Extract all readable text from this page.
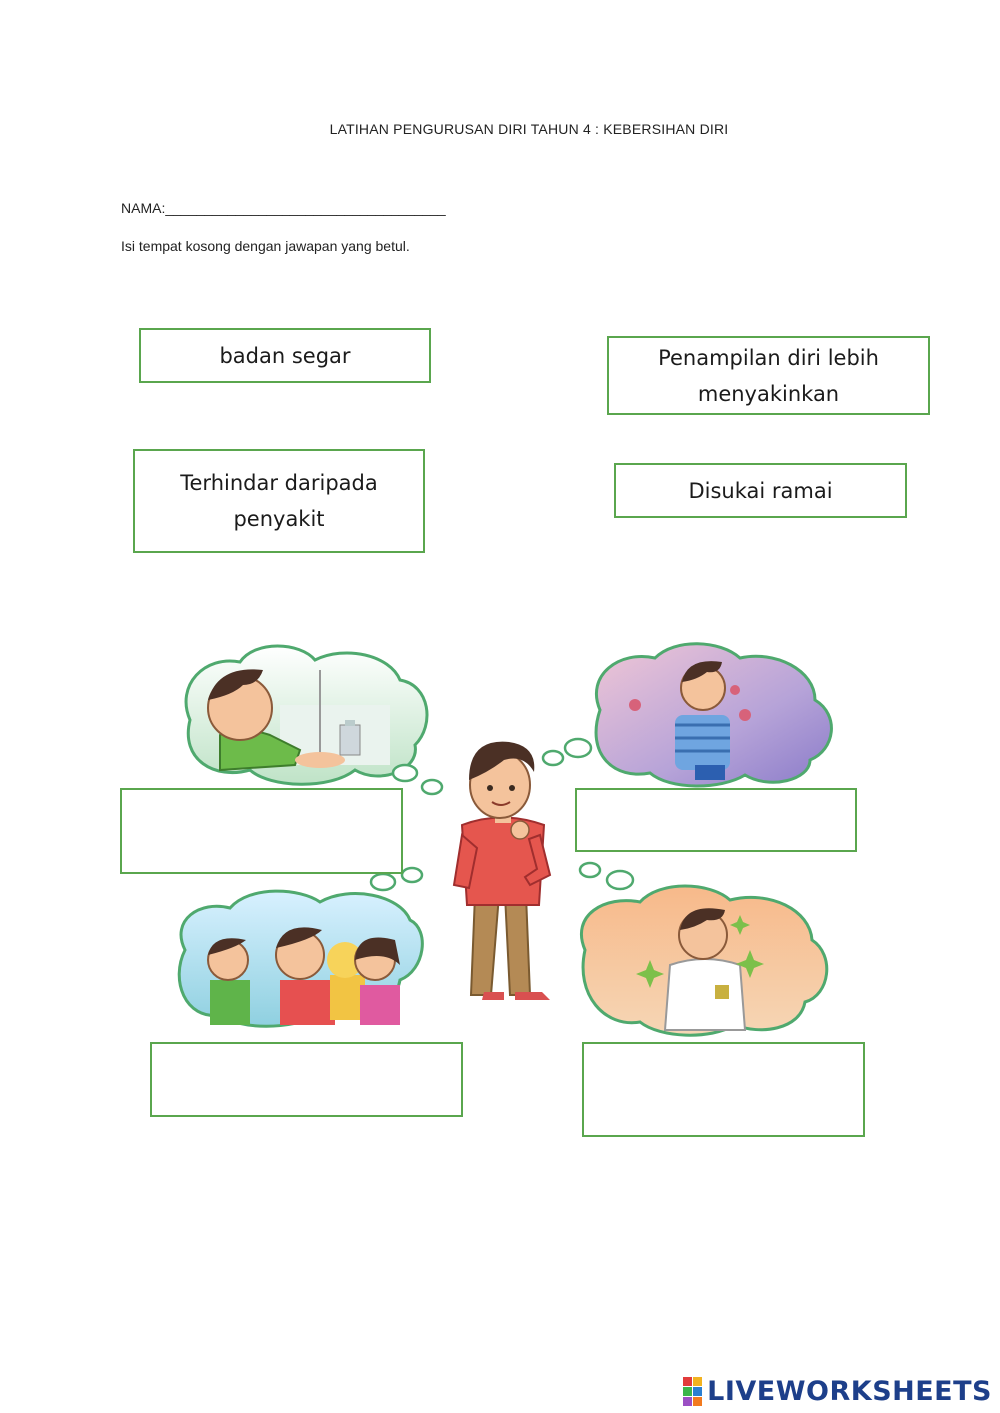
LATIHAN PENGURUSAN DIRI TAHUN 4 : KEBERSIHAN DIRI
NAMA:____________________________________
Isi tempat kosong dengan jawapan yang betul.
badan segar	Penampilan diri lebih menyakinkan
Terhindar daripada penyakit
Disukai ramai
LIVEWORKSHEETS
